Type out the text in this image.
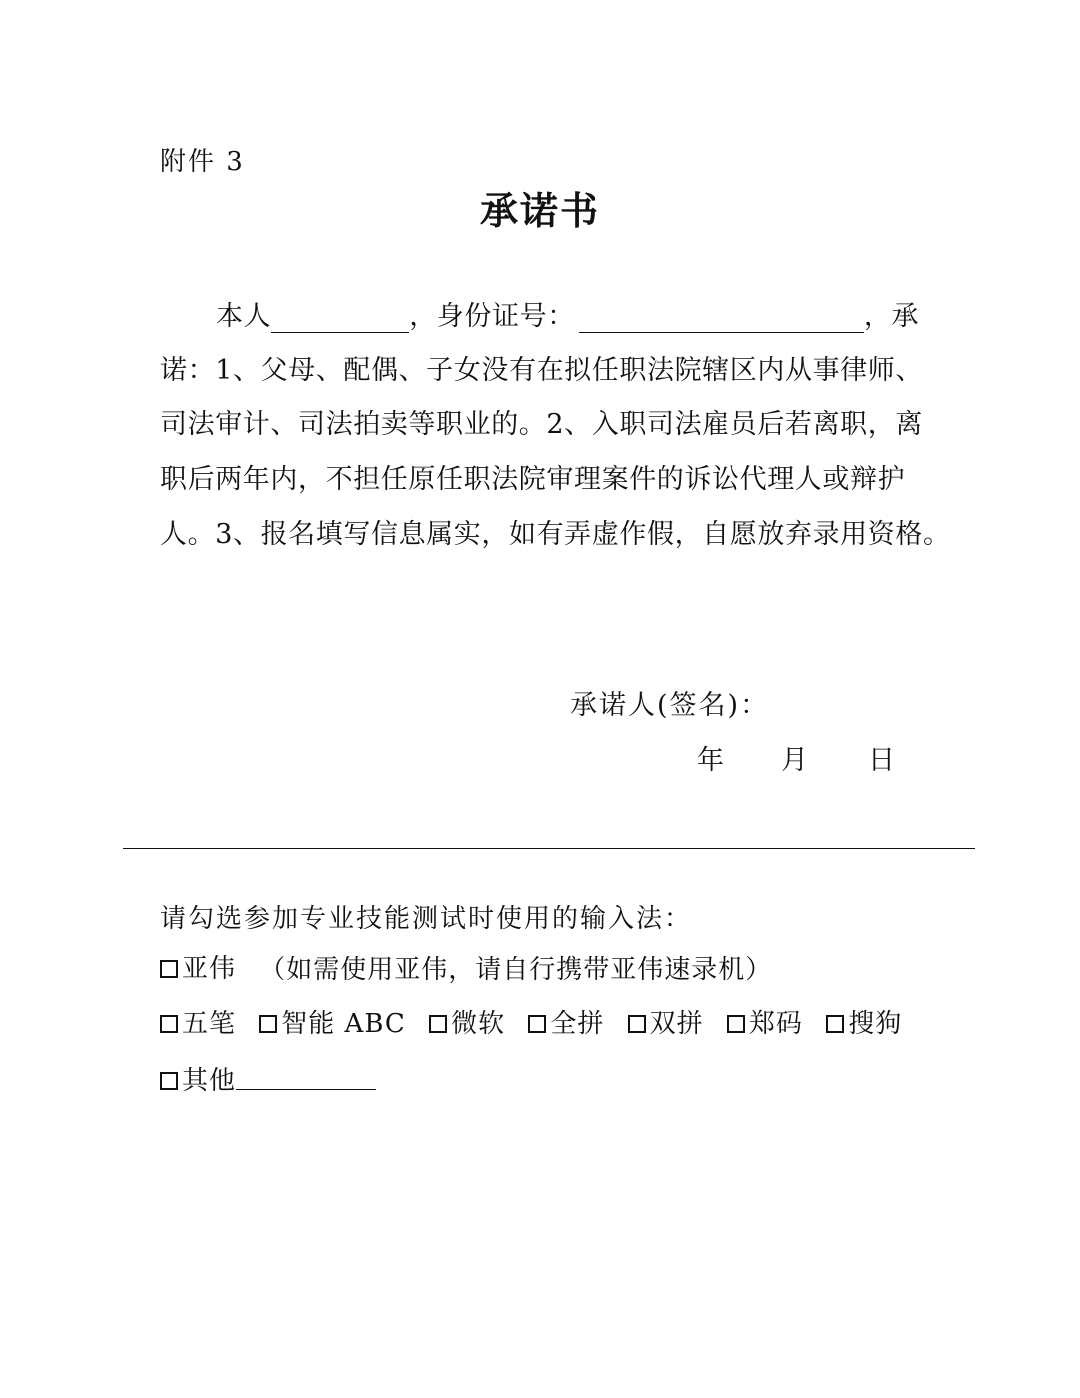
附件 3
承诺书
本人	，身份证号：	，承
诺：1、父母、配偶、子女没有在拟任职法院辖区内从事律师、
司法审计、司法拍卖等职业的。2、入职司法雇员后若离职，离
职后两年内，不担任原任职法院审理案件的诉讼代理人或辩护
人。3、报名填写信息属实，如有弄虚作假，自愿放弃录用资格。
承诺人(签名)：
年 月 日
请勾选参加专业技能测试时使用的输入法：
亚伟 （如需使用亚伟，请自行携带亚伟速录机）
五笔
智能 ABC
微软
全拼
双拼
郑码
搜狗
其他
